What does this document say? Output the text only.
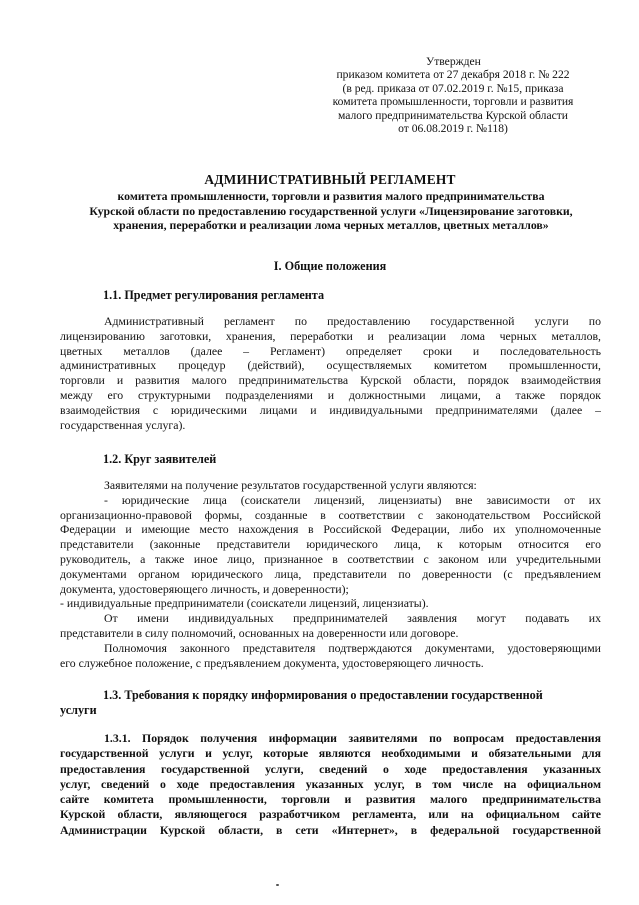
Утвержден
приказом комитета от 27 декабря 2018 г. № 222
(в ред. приказа от 07.02.2019 г. №15, приказа
комитета промышленности, торговли и развития
малого предпринимательства Курской области
от 06.08.2019 г. №118)
АДМИНИСТРАТИВНЫЙ РЕГЛАМЕНТ
комитета промышленности, торговли и развития малого предпринимательства
Курской области по предоставлению государственной услуги «Лицензирование заготовки,
хранения, переработки и реализации лома черных металлов, цветных металлов»
I. Общие положения
1.1. Предмет регулирования регламента
Административный регламент по предоставлению государственной услуги по
лицензированию заготовки, хранения, переработки и реализации лома черных металлов,
цветных металлов (далее – Регламент) определяет сроки и последовательность
административных процедур (действий), осуществляемых комитетом промышленности,
торговли и развития малого предпринимательства Курской области, порядок взаимодействия
между его структурными подразделениями и должностными лицами, а также порядок
взаимодействия с юридическими лицами и индивидуальными предпринимателями (далее –
государственная услуга).
1.2. Круг заявителей
Заявителями на получение результатов государственной услуги являются:
- юридические лица (соискатели лицензий, лицензиаты) вне зависимости от их
организационно-правовой формы, созданные в соответствии с законодательством Российской
Федерации и имеющие место нахождения в Российской Федерации, либо их уполномоченные
представители (законные представители юридического лица, к которым относится его
руководитель, а также иное лицо, признанное в соответствии с законом или учредительными
документами органом юридического лица, представители по доверенности (с предъявлением
документа, удостоверяющего личность, и доверенности);
- индивидуальные предприниматели (соискатели лицензий, лицензиаты).
От имени индивидуальных предпринимателей заявления могут подавать их
представители в силу полномочий, основанных на доверенности или договоре.
Полномочия законного представителя подтверждаются документами, удостоверяющими
его служебное положение, с предъявлением документа, удостоверяющего личность.
1.3. Требования к порядку информирования о предоставлении государственной
услуги
1.3.1. Порядок получения информации заявителями по вопросам предоставления
государственной услуги и услуг, которые являются необходимыми и обязательными для
предоставления государственной услуги, сведений о ходе предоставления указанных
услуг, сведений о ходе предоставления указанных услуг, в том числе на официальном
сайте комитета промышленности, торговли и развития малого предпринимательства
Курской области, являющегося разработчиком регламента, или на официальном сайте
Администрации Курской области, в сети «Интернет», в федеральной государственной
